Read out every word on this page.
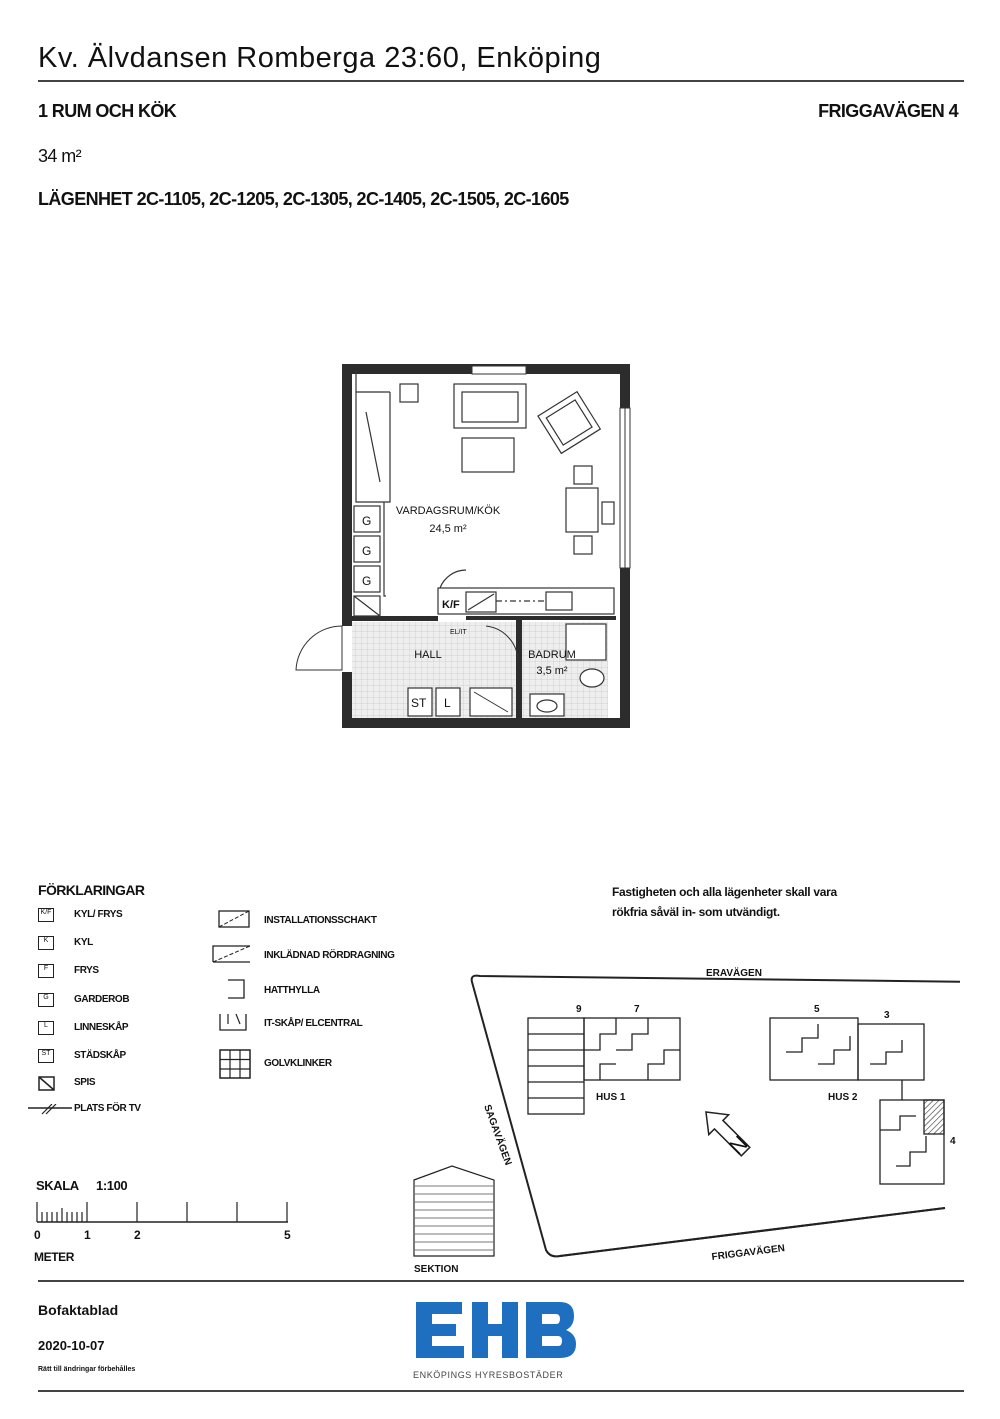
Kv. Älvdansen Romberga 23:60, Enköping
1 RUM OCH KÖK	FRIGGAVÄGEN 4
34 m²
LÄGENHET 2C-1105, 2C-1205, 2C-1305, 2C-1405, 2C-1505, 2C-1605
G
G
G
K/F
EL/IT
ST L
VARDAGSRUM/KÖK
24,5 m²
HALL	BADRUM
3,5 m²
FÖRKLARINGAR
K/F KYL/ FRYS
K	KYL
F	FRYS
G	GARDEROB
L	LINNESKÅP
ST	STÄDSKÅP
SPIS
PLATS FÖR TV
INSTALLATIONSSCHAKT
INKLÄDNAD RÖRDRAGNING
HATTHYLLA
IT-SKÅP/ ELCENTRAL
GOLVKLINKER
SKALA 1:100
0	1	2	5
METER
Fastigheten och alla lägenheter skall vara
rökfria såväl in- som utvändigt.
ERAVÄGEN
SAGAVÄGEN
FRIGGAVÄGEN
9	7
HUS 1
5
3
4
HUS 2
N
SEKTION
Bofaktablad
2020-10-07
Rätt till ändringar förbehålles
ENKÖPINGS HYRESBOSTÄDER
